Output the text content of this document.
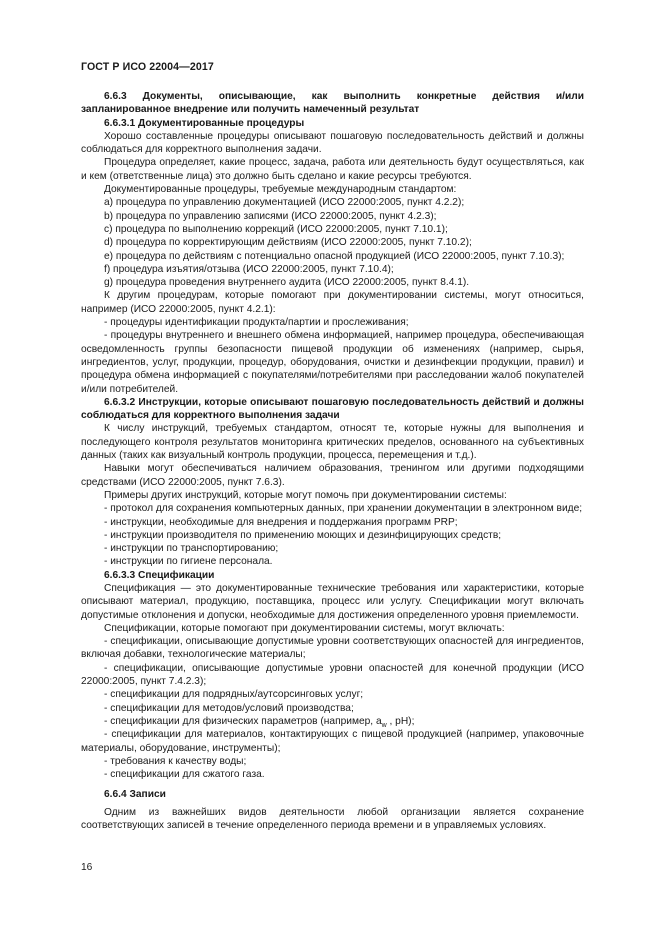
ГОСТ Р ИСО 22004—2017

6.6.3 Документы, описывающие, как выполнить конкретные действия и/или запланированное внедрение или получить намеченный результат

6.6.3.1 Документированные процедуры

Хорошо составленные процедуры описывают пошаговую последовательность действий и должны соблюдаться для корректного выполнения задачи.

Процедура определяет, какие процесс, задача, работа или деятельность будут осуществляться, как и кем (ответственные лица) это должно быть сделано и какие ресурсы требуются.

Документированные процедуры, требуемые международным стандартом:

a) процедура по управлению документацией (ИСО 22000:2005, пункт 4.2.2);

b) процедура по управлению записями (ИСО 22000:2005, пункт 4.2.3);

c) процедура по выполнению коррекций (ИСО 22000:2005, пункт 7.10.1);

d) процедура по корректирующим действиям (ИСО 22000:2005, пункт 7.10.2);

e) процедура по действиям с потенциально опасной продукцией (ИСО 22000:2005, пункт 7.10.3);

f) процедура изъятия/отзыва (ИСО 22000:2005, пункт 7.10.4);

g) процедура проведения внутреннего аудита (ИСО 22000:2005, пункт 8.4.1).

К другим процедурам, которые помогают при документировании системы, могут относиться, например (ИСО 22000:2005, пункт 4.2.1):

- процедуры идентификации продукта/партии и прослеживания;

- процедуры внутреннего и внешнего обмена информацией, например процедура, обеспечивающая осведомленность группы безопасности пищевой продукции об изменениях (например, сырья, ингредиентов, услуг, продукции, процедур, оборудования, очистки и дезинфекции продукции, правил) и процедура обмена информацией с покупателями/потребителями при расследовании жалоб покупателей и/или потребителей.

6.6.3.2 Инструкции, которые описывают пошаговую последовательность действий и должны соблюдаться для корректного выполнения задачи

К числу инструкций, требуемых стандартом, относят те, которые нужны для выполнения и последующего контроля результатов мониторинга критических пределов, основанного на субъективных данных (таких как визуальный контроль продукции, процесса, перемещения и т.д.).

Навыки могут обеспечиваться наличием образования, тренингом или другими подходящими средствами (ИСО 22000:2005, пункт 7.6.3).

Примеры других инструкций, которые могут помочь при документировании системы:

- протокол для сохранения компьютерных данных, при хранении документации в электронном виде;

- инструкции, необходимые для внедрения и поддержания программ PRP;

- инструкции производителя по применению моющих и дезинфицирующих средств;

- инструкции по транспортированию;

- инструкции по гигиене персонала.

6.6.3.3 Спецификации

Спецификация — это документированные технические требования или характеристики, которые описывают материал, продукцию, поставщика, процесс или услугу. Спецификации могут включать допустимые отклонения и допуски, необходимые для достижения определенного уровня приемлемости.

Спецификации, которые помогают при документировании системы, могут включать:

- спецификации, описывающие допустимые уровни соответствующих опасностей для ингредиентов, включая добавки, технологические материалы;

- спецификации, описывающие допустимые уровни опасностей для конечной продукции (ИСО 22000:2005, пункт 7.4.2.3);

- спецификации для подрядных/аутсорсинговых услуг;

- спецификации для методов/условий производства;

- спецификации для физических параметров (например, $a_w$ , pH);

- спецификации для материалов, контактирующих с пищевой продукцией (например, упаковочные материалы, оборудование, инструменты);

- требования к качеству воды;

- спецификации для сжатого газа.

6.6.4 Записи

Одним из важнейших видов деятельности любой организации является сохранение соответствующих записей в течение определенного периода времени и в управляемых условиях.

16
